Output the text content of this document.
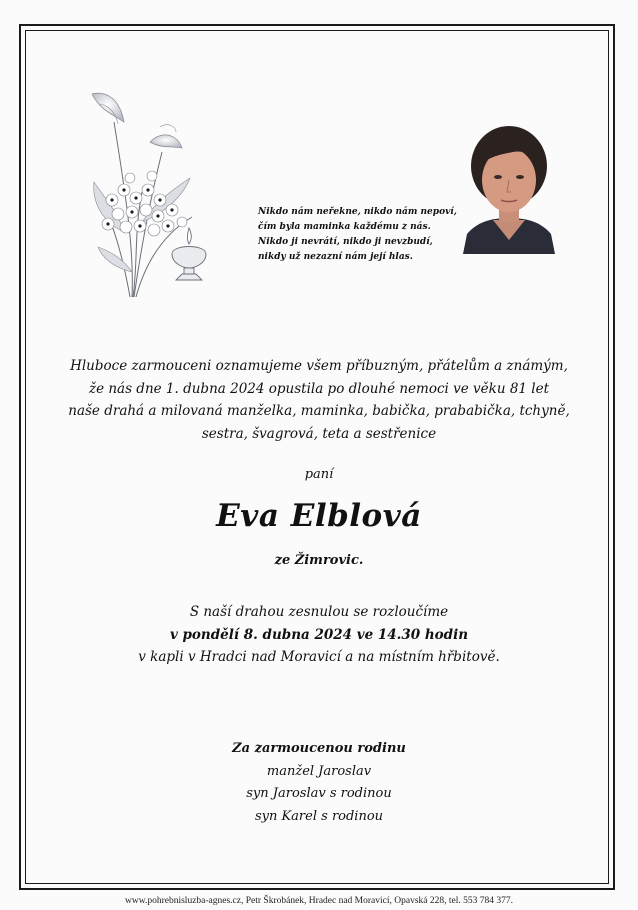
Nikdo nám neřekne, nikdo nám nepoví,
čím byla maminka každému z nás.
Nikdo ji nevrátí, nikdo ji nevzbudí,
nikdy už nezazní nám její hlas.
Hluboce zarmouceni oznamujeme všem příbuzným, přátelům a známým,
že nás dne 1. dubna 2024 opustila po dlouhé nemoci ve věku 81 let
naše drahá a milovaná manželka, maminka, babička, prababička, tchyně,
sestra, švagrová, teta a sestřenice
paní
Eva Elblová
ze Žimrovic.
S naší drahou zesnulou se rozloučíme
v pondělí 8. dubna 2024 ve 14.30 hodin
v kapli v Hradci nad Moravicí a na místním hřbitově.
Za zarmoucenou rodinu
manžel Jaroslav
syn Jaroslav s rodinou
syn Karel s rodinou
www.pohrebnisluzba-agnes.cz, Petr Škrobánek, Hradec nad Moravicí, Opavská 228, tel. 553 784 377.
